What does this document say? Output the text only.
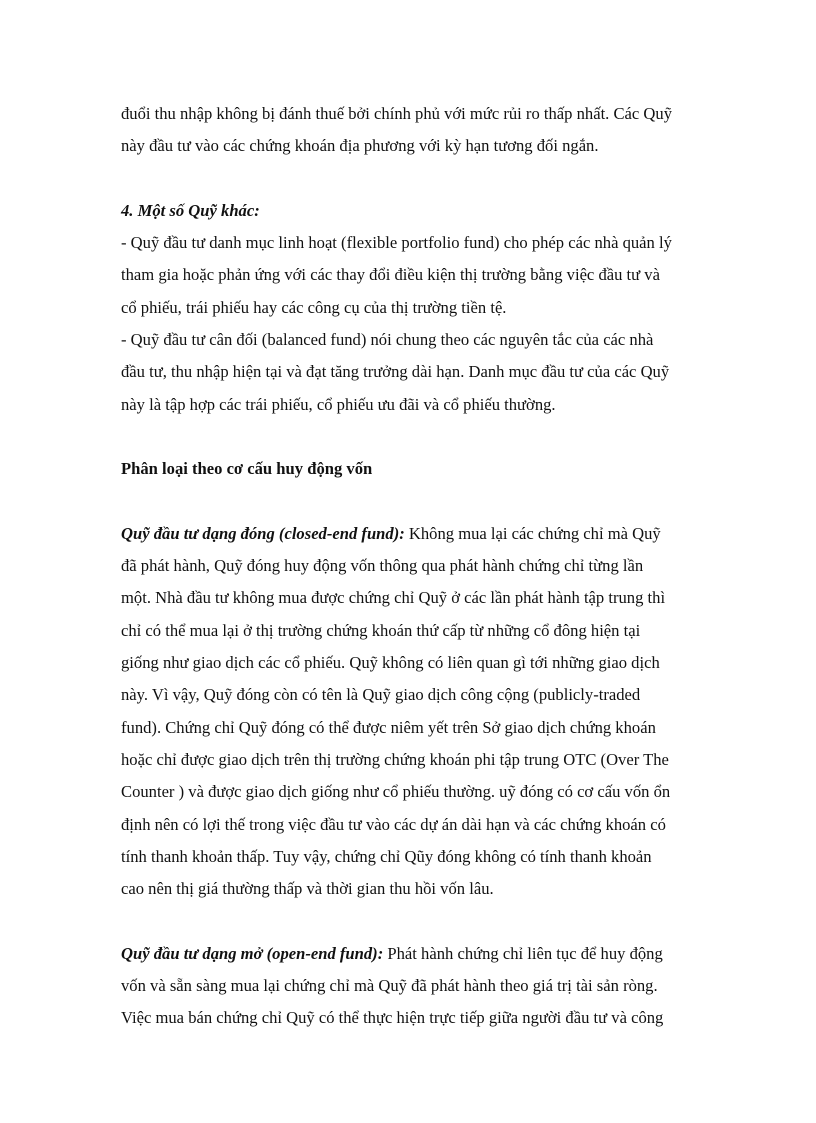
đuổi thu nhập không bị đánh thuế bởi chính phủ với mức rủi ro thấp nhất. Các Quỹ
này đầu tư vào các chứng khoán địa phương với kỳ hạn tương đối ngắn.
4. Một số Quỹ khác:
- Quỹ đầu tư danh mục linh hoạt (flexible portfolio fund) cho phép các nhà quản lý
tham gia hoặc phản ứng với các thay đổi điều kiện thị trường bằng việc đầu tư và
cổ phiếu, trái phiếu hay các công cụ của thị trường tiền tệ.
- Quỹ đầu tư cân đối (balanced fund) nói chung theo các nguyên tắc của các nhà
đầu tư, thu nhập hiện tại và đạt tăng trưởng dài hạn. Danh mục đầu tư của các Quỹ
này là tập hợp các trái phiếu, cổ phiếu ưu đãi và cổ phiếu thường.
Phân loại theo cơ cấu huy động vốn
Quỹ đầu tư dạng đóng (closed-end fund): Không mua lại các chứng chỉ mà Quỹ
đã phát hành, Quỹ đóng huy động vốn thông qua phát hành chứng chỉ từng lần
một. Nhà đầu tư không mua được chứng chỉ Quỹ ở các lần phát hành tập trung thì
chỉ có thể mua lại ở thị trường chứng khoán thứ cấp từ những cổ đông hiện tại
giống như giao dịch các cổ phiếu. Quỹ không có liên quan gì tới những giao dịch
này. Vì vậy, Quỹ đóng còn có tên là Quỹ giao dịch công cộng (publicly-traded
fund). Chứng chỉ Quỹ đóng có thể được niêm yết trên Sở giao dịch chứng khoán
hoặc chỉ được giao dịch trên thị trường chứng khoán phi tập trung OTC (Over The
Counter ) và được giao dịch giống như cổ phiếu thường. uỹ đóng có cơ cấu vốn ổn
định nên có lợi thế trong việc đầu tư vào các dự án dài hạn và các chứng khoán có
tính thanh khoản thấp. Tuy vậy, chứng chỉ Qũy đóng không có tính thanh khoản
cao nên thị giá thường thấp và thời gian thu hồi vốn lâu.
Quỹ đầu tư dạng mở (open-end fund): Phát hành chứng chỉ liên tục để huy động
vốn và sẵn sàng mua lại chứng chỉ mà Quỹ đã phát hành theo giá trị tài sản ròng.
Việc mua bán chứng chỉ Quỹ có thể thực hiện trực tiếp giữa người đầu tư và công
